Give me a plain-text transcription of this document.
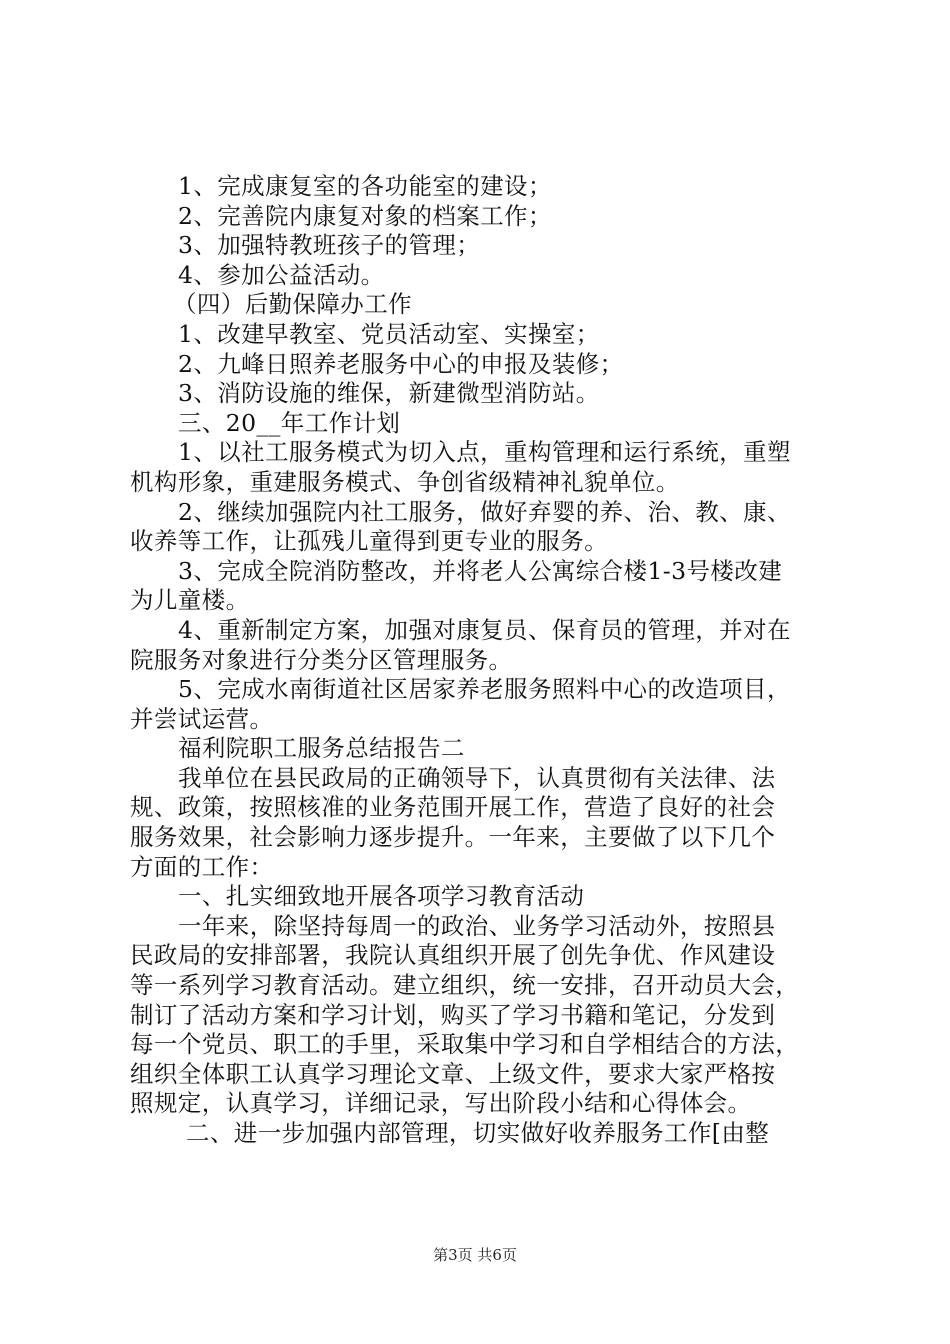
1、完成康复室的各功能室的建设；
2、完善院内康复对象的档案工作；
3、加强特教班孩子的管理；
4、参加公益活动。
（四）后勤保障办工作
1、改建早教室、党员活动室、实操室；
2、九峰日照养老服务中心的申报及装修；
3、消防设施的维保，新建微型消防站。
三、20__年工作计划
1、以社工服务模式为切入点，重构管理和运行系统，重塑
机构形象，重建服务模式、争创省级精神礼貌单位。
2、继续加强院内社工服务，做好弃婴的养、治、教、康、
收养等工作，让孤残儿童得到更专业的服务。
3、完成全院消防整改，并将老人公寓综合楼1-3号楼改建
为儿童楼。
4、重新制定方案，加强对康复员、保育员的管理，并对在
院服务对象进行分类分区管理服务。
5、完成水南街道社区居家养老服务照料中心的改造项目，
并尝试运营。
福利院职工服务总结报告二
我单位在县民政局的正确领导下，认真贯彻有关法律、法
规、政策，按照核准的业务范围开展工作，营造了良好的社会
服务效果，社会影响力逐步提升。一年来，主要做了以下几个
方面的工作：
一、扎实细致地开展各项学习教育活动
一年来，除坚持每周一的政治、业务学习活动外，按照县
民政局的安排部署，我院认真组织开展了创先争优、作风建设
等一系列学习教育活动。建立组织，统一安排，召开动员大会，
制订了活动方案和学习计划，购买了学习书籍和笔记，分发到
每一个党员、职工的手里，采取集中学习和自学相结合的方法，
组织全体职工认真学习理论文章、上级文件，要求大家严格按
照规定，认真学习，详细记录，写出阶段小结和心得体会。
二、进一步加强内部管理，切实做好收养服务工作[由整
第3页 共6页
